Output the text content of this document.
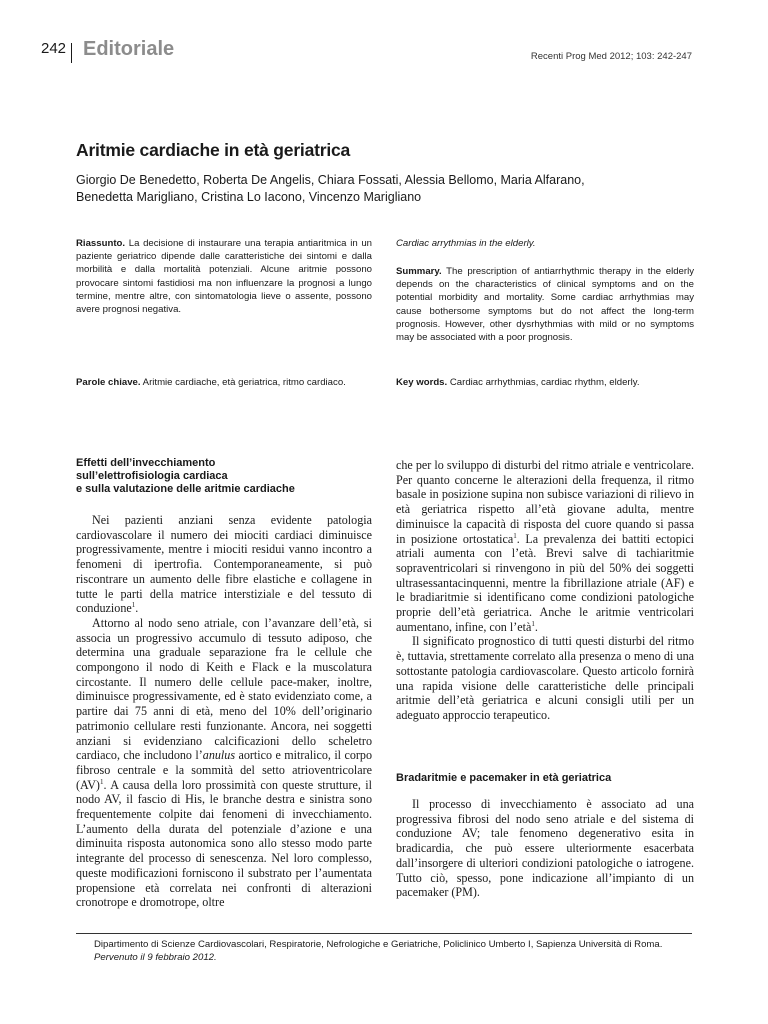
242 Editoriale	Recenti Prog Med 2012; 103: 242-247
Aritmie cardiache in età geriatrica
Giorgio De Benedetto, Roberta De Angelis, Chiara Fossati, Alessia Bellomo, Maria Alfarano,
Benedetta Marigliano, Cristina Lo Iacono, Vincenzo Marigliano
Riassunto. La decisione di instaurare una terapia antiaritmica in un paziente geriatrico dipende dalle caratteristiche dei sintomi e dalla morbilità e dalla mortalità potenziali. Alcune aritmie possono provocare sintomi fastidiosi ma non influenzare la prognosi a lungo termine, mentre altre, con sintomatologia lieve o assente, possono avere prognosi negativa.
Cardiac arrythmias in the elderly.
Summary. The prescription of antiarrhythmic therapy in the elderly depends on the characteristics of clinical symptoms and on the potential morbidity and mortality. Some cardiac arrhythmias may cause bothersome symptoms but do not affect the long-term prognosis. However, other dysrhythmias with mild or no symptoms may be associated with a poor prognosis.
Parole chiave. Aritmie cardiache, età geriatrica, ritmo cardiaco.	Key words. Cardiac arrhythmias, cardiac rhythm, elderly.
Effetti dell’invecchiamento
sull’elettrofisiologia cardiaca
e sulla valutazione delle aritmie cardiache

Nei pazienti anziani senza evidente patologia cardiovascolare il numero dei miociti cardiaci diminuisce progressivamente, mentre i miociti residui vanno incontro a fenomeni di ipertrofia. Contemporaneamente, si può riscontrare un aumento delle fibre elastiche e collagene in tutte le parti della matrice interstiziale e del tessuto di conduzione$^1$.

Attorno al nodo seno atriale, con l’avanzare dell’età, si associa un progressivo accumulo di tessuto adiposo, che determina una graduale separazione fra le cellule che compongono il nodo di Keith e Flack e la muscolatura circostante. Il numero delle cellule pace-maker, inoltre, diminuisce progressivamente, ed è stato evidenziato come, a partire dai 75 anni di età, meno del 10% dell’originario patrimonio cellulare resti funzionante. Ancora, nei soggetti anziani si evidenziano calcificazioni dello scheletro cardiaco, che includono l’anulus aortico e mitralico, il corpo fibroso centrale e la sommità del setto atrioventricolare (AV)$^1$. A causa della loro prossimità con queste strutture, il nodo AV, il fascio di His, le branche destra e sinistra sono frequentemente colpite dai fenomeni di invecchiamento. L’aumento della durata del potenziale d’azione e una diminuita risposta autonomica sono allo stesso modo parte integrante del processo di senescenza. Nel loro complesso, queste modificazioni forniscono il substrato per l’aumentata propensione età correlata nei confronti di alterazioni cronotrope e dromotrope, oltre

che per lo sviluppo di disturbi del ritmo atriale e ventricolare. Per quanto concerne le alterazioni della frequenza, il ritmo basale in posizione supina non subisce variazioni di rilievo in età geriatrica rispetto all’età giovane adulta, mentre diminuisce la capacità di risposta del cuore quando si passa in posizione ortostatica$^1$. La prevalenza dei battiti ectopici atriali aumenta con l’età. Brevi salve di tachiaritmie sopraventricolari si rinvengono in più del 50% dei soggetti ultrasessantacinquenni, mentre la fibrillazione atriale (AF) e le bradiaritmie si identificano come condizioni patologiche proprie dell’età geriatrica. Anche le aritmie ventricolari aumentano, infine, con l’età$^1$.

Il significato prognostico di tutti questi disturbi del ritmo è, tuttavia, strettamente correlato alla presenza o meno di una sottostante patologia cardiovascolare. Questo articolo fornirà una rapida visione delle caratteristiche delle principali aritmie dell’età geriatrica e alcuni consigli utili per un adeguato approccio terapeutico.

Bradaritmie e pacemaker in età geriatrica

Il processo di invecchiamento è associato ad una progressiva fibrosi del nodo seno atriale e del sistema di conduzione AV; tale fenomeno degenerativo esita in bradicardia, che può essere ulteriormente esacerbata dall’insorgere di ulteriori condizioni patologiche o iatrogene. Tutto ciò, spesso, pone indicazione all’impianto di un pacemaker (PM).

Dipartimento di Scienze Cardiovascolari, Respiratorie, Nefrologiche e Geriatriche, Policlinico Umberto I, Sapienza Università di Roma.
Pervenuto il 9 febbraio 2012.
